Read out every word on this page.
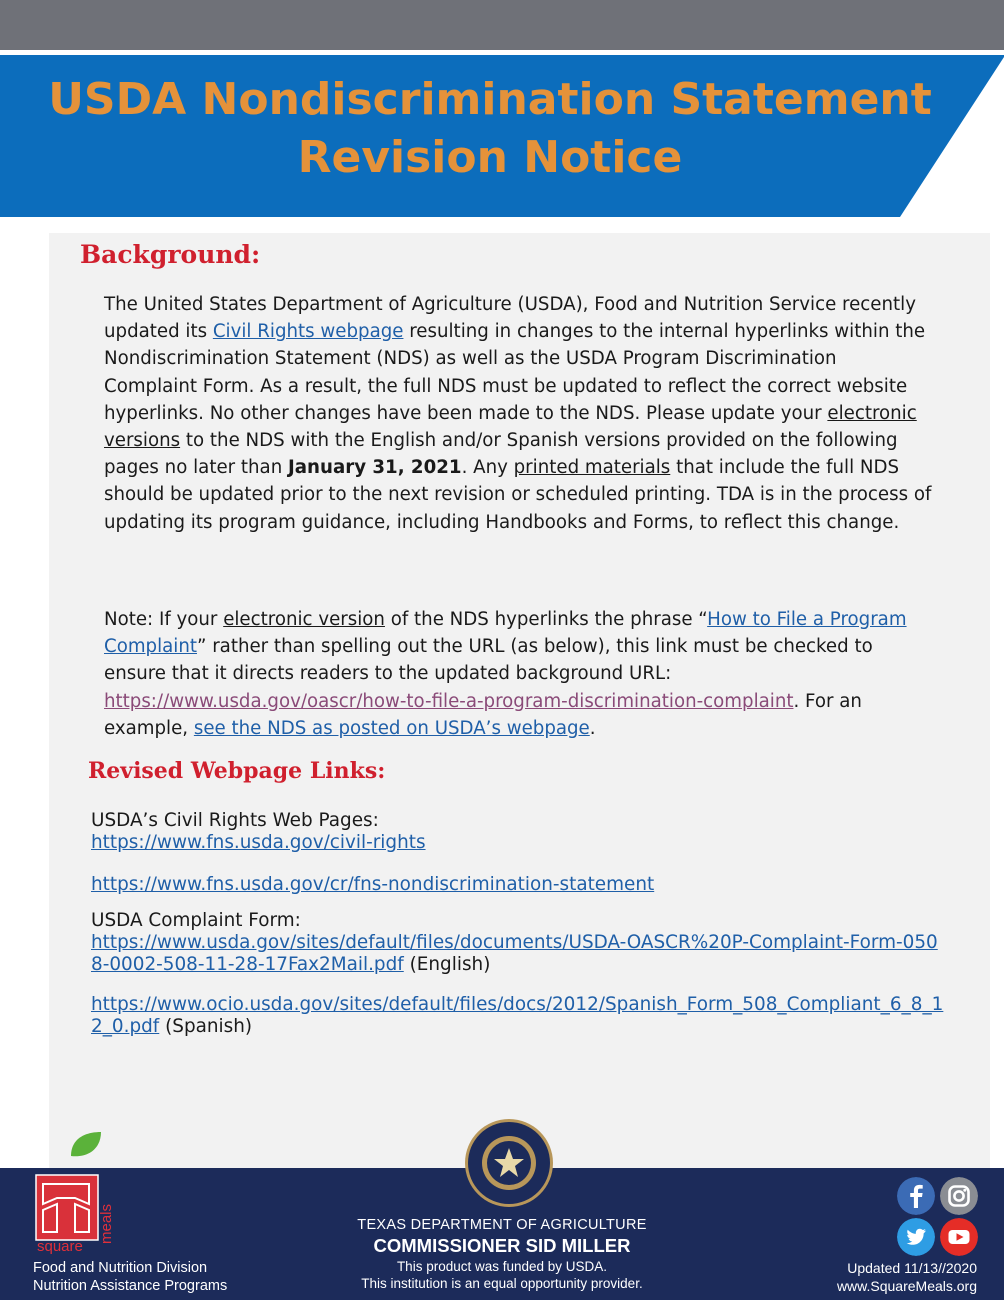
USDA Nondiscrimination Statement
Revision Notice
Background:
The United States Department of Agriculture (USDA), Food and Nutrition Service recently updated its Civil Rights webpage resulting in changes to the internal hyperlinks within the Nondiscrimination Statement (NDS) as well as the USDA Program Discrimination Complaint Form. As a result, the full NDS must be updated to reflect the correct website hyperlinks. No other changes have been made to the NDS. Please update your electronic versions to the NDS with the English and/or Spanish versions provided on the following pages no later than January 31, 2021. Any printed materials that include the full NDS should be updated prior to the next revision or scheduled printing. TDA is in the process of updating its program guidance, including Handbooks and Forms, to reflect this change.
Note: If your electronic version of the NDS hyperlinks the phrase “How to File a Program Complaint” rather than spelling out the URL (as below), this link must be checked to ensure that it directs readers to the updated background URL: https://www.usda.gov/oascr/how-to-file-a-program-discrimination-complaint. For an example, see the NDS as posted on USDA’s webpage.
Revised Webpage Links:
USDA’s Civil Rights Web Pages:
https://www.fns.usda.gov/civil-rights
https://www.fns.usda.gov/cr/fns-nondiscrimination-statement
USDA Complaint Form:
https://www.usda.gov/sites/default/files/documents/USDA-OASCR%20P-Complaint-Form-0508-0002-508-11-28-17Fax2Mail.pdf (English)
https://www.ocio.usda.gov/sites/default/files/docs/2012/Spanish_Form_508_Compliant_6_8_12_0.pdf (Spanish)
square
meals
Food and Nutrition Division
Nutrition Assistance Programs
TEXAS DEPARTMENT OF AGRICULTURE
COMMISSIONER SID MILLER
This product was funded by USDA.
This institution is an equal opportunity provider.
Updated 11/13//2020
www.SquareMeals.org
